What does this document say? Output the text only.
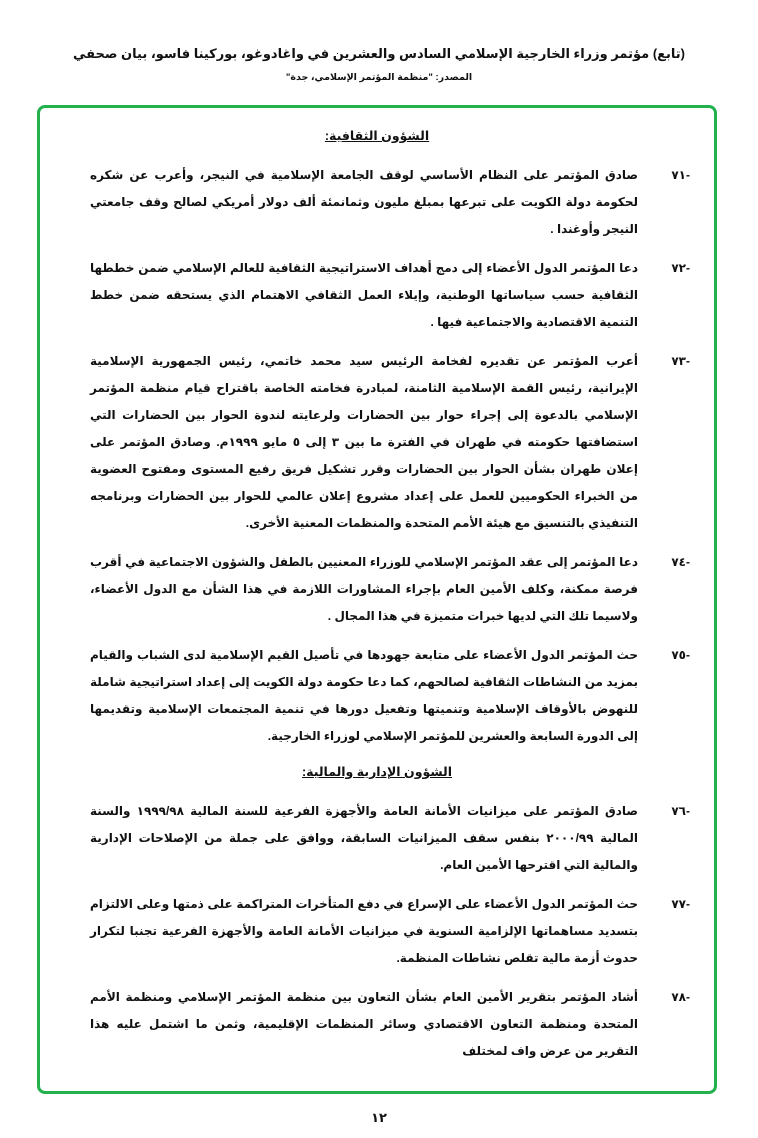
(تابع) مؤتمر وزراء الخارجية الإسلامي السادس والعشرين في واغادوغو، بوركينا فاسو، بيان صحفي
المصدر: "منظمة المؤتمر الإسلامي، جدة"
الشؤون الثقافية:
-٧١
صادق المؤتمر على النظام الأساسي لوقف الجامعة الإسلامية في النيجر، وأعرب عن شكره لحكومة دولة الكويت على تبرعها بمبلغ مليون وثمانمئة ألف دولار أمريكي لصالح وقف جامعتي النيجر وأوغندا .
-٧٢
دعا المؤتمر الدول الأعضاء إلى دمج أهداف الاستراتيجية الثقافية للعالم الإسلامي ضمن خططها الثقافية حسب سياساتها الوطنية، وإيلاء العمل الثقافي الاهتمام الذي يستحقه ضمن خطط التنمية الاقتصادية والاجتماعية فيها .
-٧٣
أعرب المؤتمر عن تقديره لفخامة الرئيس سيد محمد خاتمي، رئيس الجمهورية الإسلامية الإيرانية، رئيس القمة الإسلامية الثامنة، لمبادرة فخامته الخاصة باقتراح قيام منظمة المؤتمر الإسلامي بالدعوة إلى إجراء حوار بين الحضارات ولرعايته لندوة الحوار بين الحضارات التي استضافتها حكومته في طهران في الفترة ما بين ٣ إلى ٥ مايو ١٩٩٩م. وصادق المؤتمر على إعلان طهران بشأن الحوار بين الحضارات وقرر تشكيل فريق رفيع المستوى ومفتوح العضوية من الخبراء الحكوميين للعمل على إعداد مشروع إعلان عالمي للحوار بين الحضارات وبرنامجه التنفيذي بالتنسيق مع هيئة الأمم المتحدة والمنظمات المعنية الأخرى.
-٧٤
دعا المؤتمر إلى عقد المؤتمر الإسلامي للوزراء المعنيين بالطفل والشؤون الاجتماعية في أقرب فرصة ممكنة، وكلف الأمين العام بإجراء المشاورات اللازمة في هذا الشأن مع الدول الأعضاء، ولاسيما تلك التي لديها خبرات متميزة في هذا المجال .
-٧٥
حث المؤتمر الدول الأعضاء على متابعة جهودها في تأصيل القيم الإسلامية لدى الشباب والقيام بمزيد من النشاطات الثقافية لصالحهم، كما دعا حكومة دولة الكويت إلى إعداد استراتيجية شاملة للنهوض بالأوقاف الإسلامية وتنميتها وتفعيل دورها في تنمية المجتمعات الإسلامية وتقديمها إلى الدورة السابعة والعشرين للمؤتمر الإسلامي لوزراء الخارجية.
الشؤون الإدارية والمالية:
-٧٦
صادق المؤتمر على ميزانيات الأمانة العامة والأجهزة الفرعية للسنة المالية ١٩٩٩/٩٨ والسنة المالية ٢٠٠٠/٩٩ بنفس سقف الميزانيات السابقة، ووافق على جملة من الإصلاحات الإدارية والمالية التي اقترحها الأمين العام.
-٧٧
حث المؤتمر الدول الأعضاء على الإسراع في دفع المتأخرات المتراكمة على ذمتها وعلى الالتزام بتسديد مساهماتها الإلزامية السنوية في ميزانيات الأمانة العامة والأجهزة الفرعية تجنبا لتكرار حدوث أزمة مالية تقلص نشاطات المنظمة.
-٧٨
أشاد المؤتمر بتقرير الأمين العام بشأن التعاون بين منظمة المؤتمر الإسلامي ومنظمة الأمم المتحدة ومنظمة التعاون الاقتصادي وسائر المنظمات الإقليمية، وثمن ما اشتمل عليه هذا التقرير من عرض واف لمختلف
١٢
